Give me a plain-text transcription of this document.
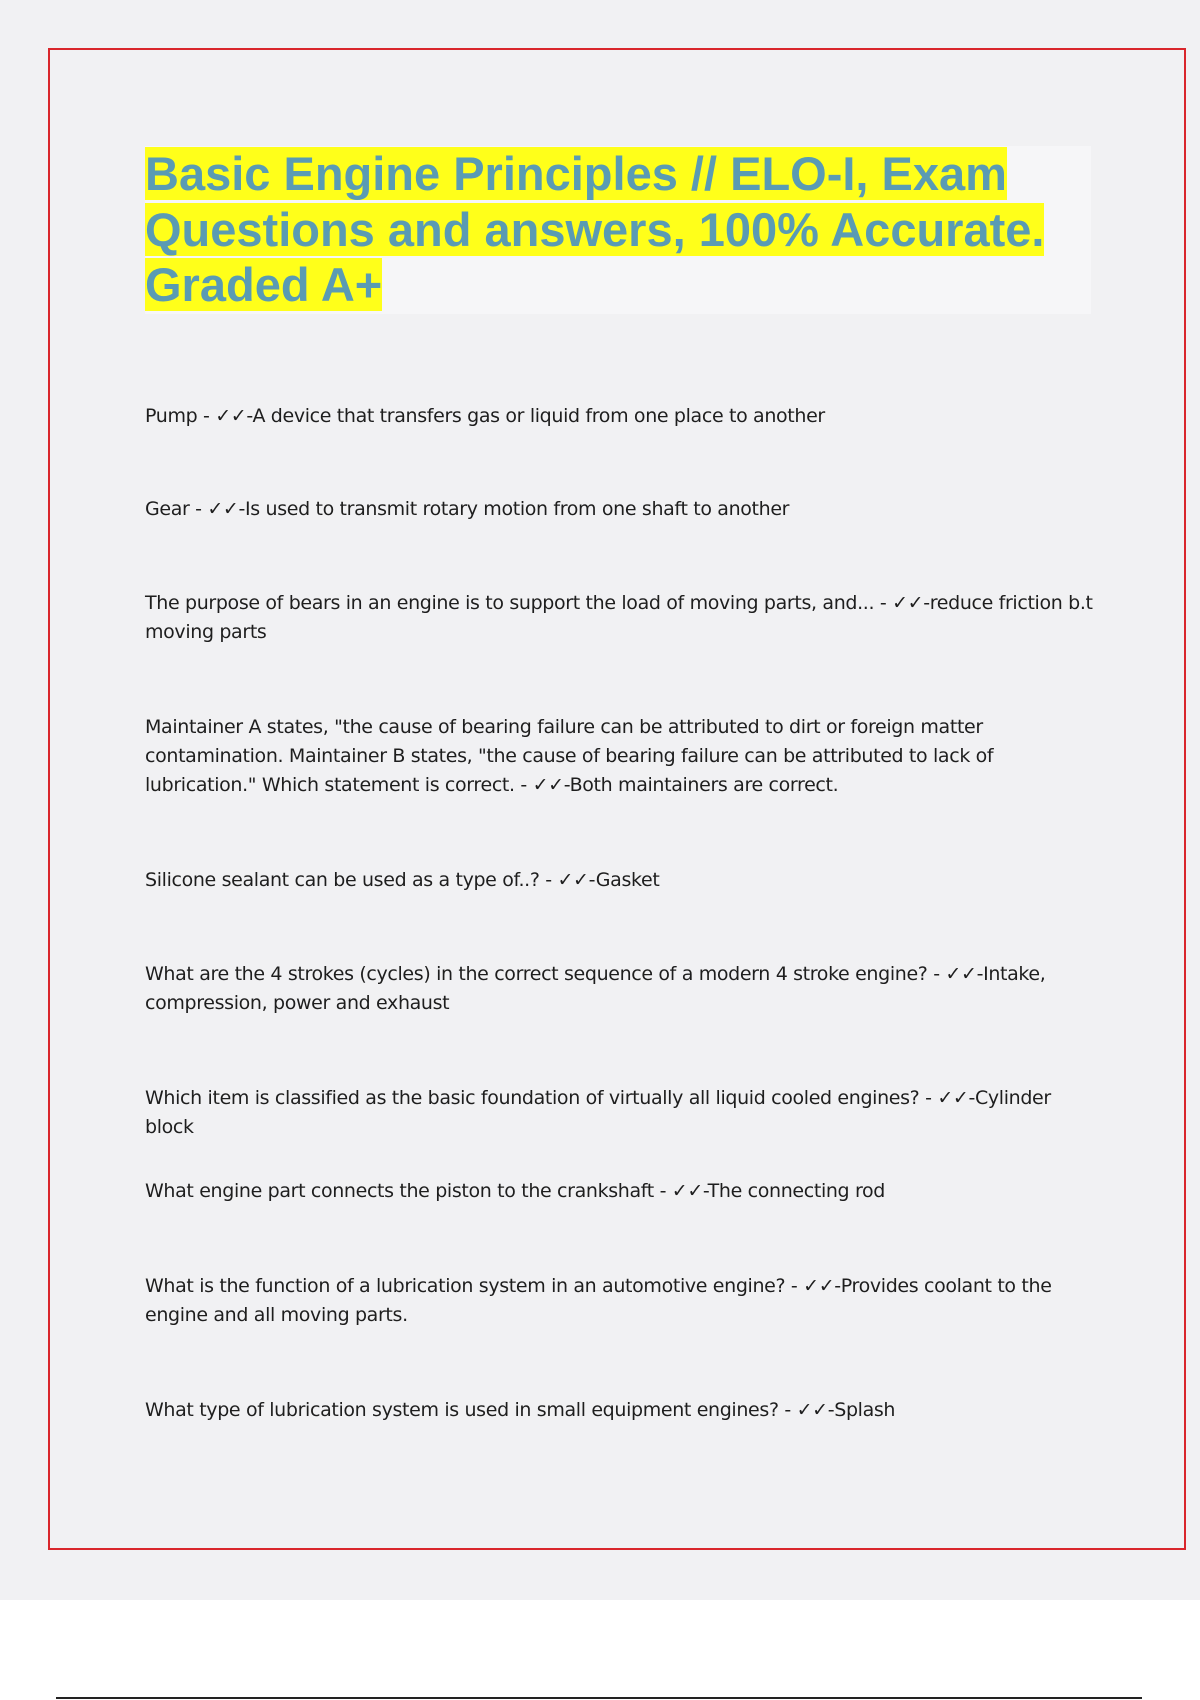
Basic Engine Principles // ELO-I, Exam Questions and answers, 100% Accurate. Graded A+

Pump - ✓✓-A device that transfers gas or liquid from one place to another

Gear - ✓✓-Is used to transmit rotary motion from one shaft to another

The purpose of bears in an engine is to support the load of moving parts, and... - ✓✓-reduce friction b.t moving parts

Maintainer A states, "the cause of bearing failure can be attributed to dirt or foreign matter contamination. Maintainer B states, "the cause of bearing failure can be attributed to lack of lubrication." Which statement is correct. - ✓✓-Both maintainers are correct.

Silicone sealant can be used as a type of..? - ✓✓-Gasket

What are the 4 strokes (cycles) in the correct sequence of a modern 4 stroke engine? - ✓✓-Intake, compression, power and exhaust

Which item is classified as the basic foundation of virtually all liquid cooled engines? - ✓✓-Cylinder block

What engine part connects the piston to the crankshaft - ✓✓-The connecting rod

What is the function of a lubrication system in an automotive engine? - ✓✓-Provides coolant to the engine and all moving parts.

What type of lubrication system is used in small equipment engines? - ✓✓-Splash
